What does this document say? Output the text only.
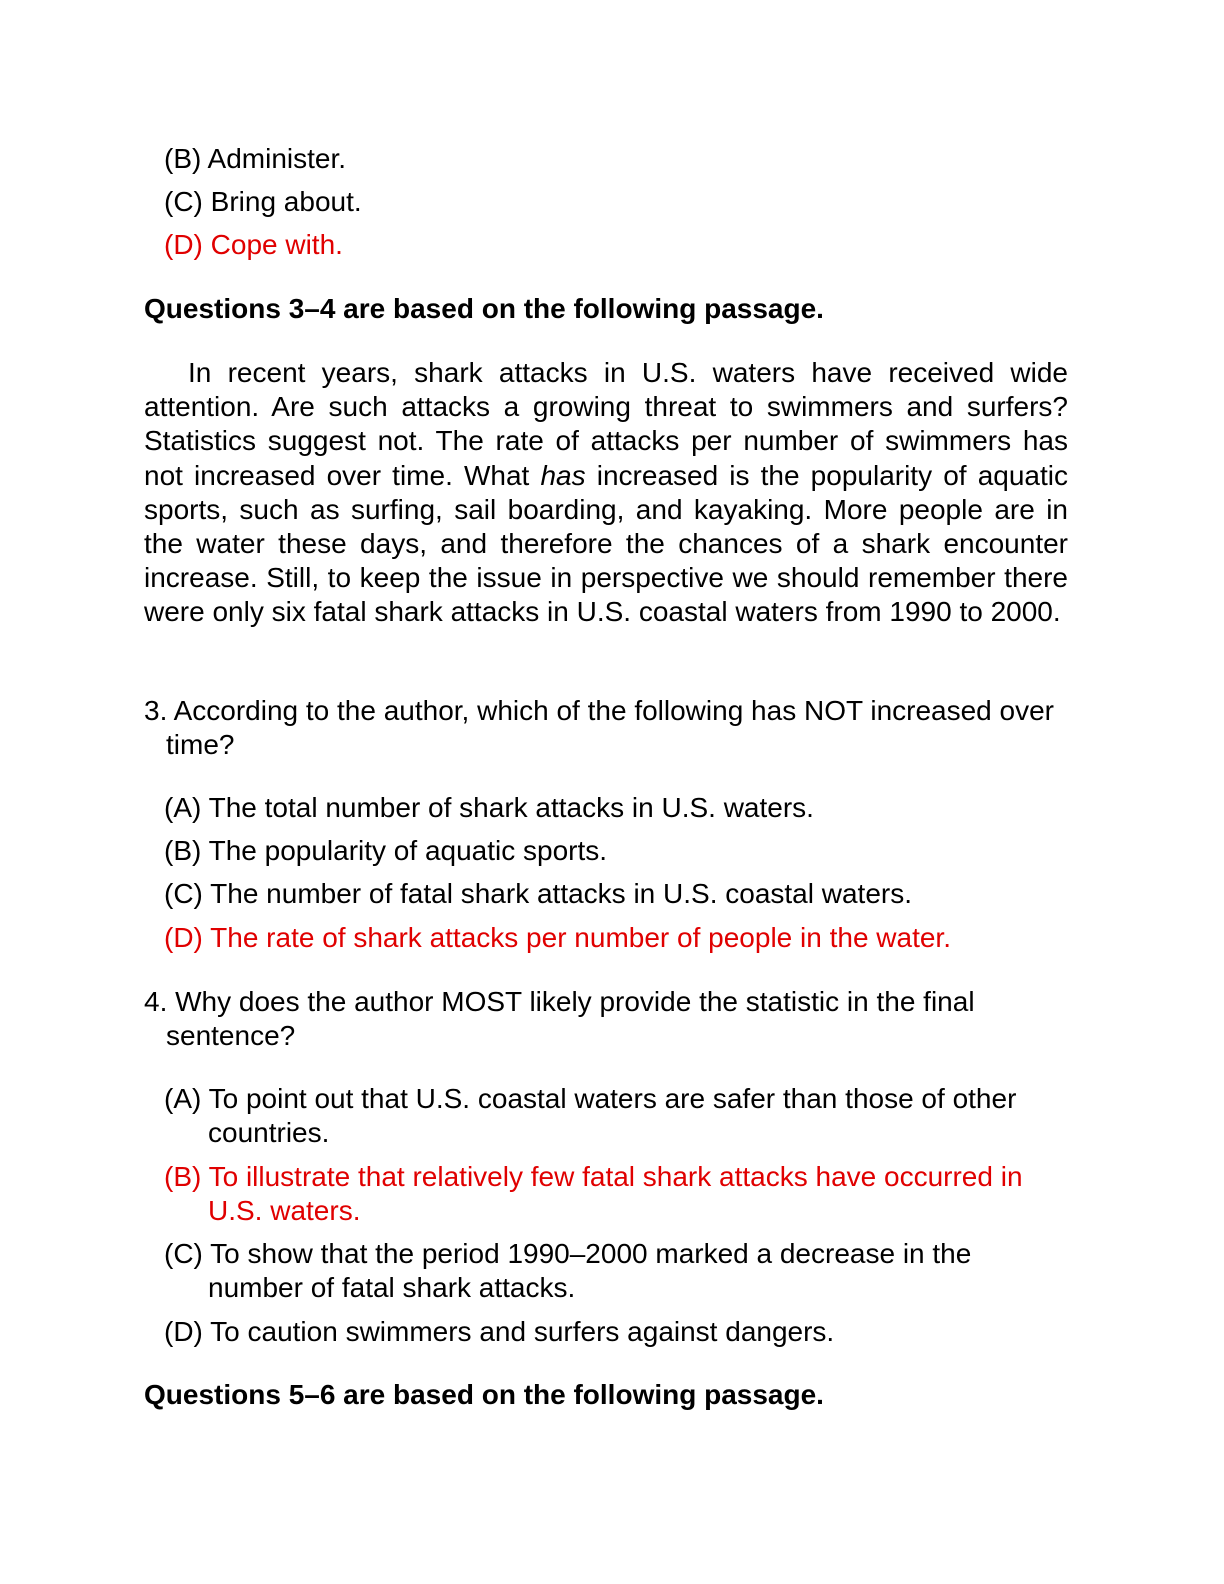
(B) Administer.
(C) Bring about.
(D) Cope with.
Questions 3–4 are based on the following passage.
In recent years, shark attacks in U.S. waters have received wide attention. Are such attacks a growing threat to swimmers and surfers? Statistics suggest not. The rate of attacks per number of swimmers has not increased over time. What has increased is the popularity of aquatic sports, such as surfing, sail boarding, and kayaking. More people are in the water these days, and therefore the chances of a shark encounter increase. Still, to keep the issue in perspective we should remember there were only six fatal shark attacks in U.S. coastal waters from 1990 to 2000.
3. According to the author, which of the following has NOT increased over time?
(A) The total number of shark attacks in U.S. waters.
(B) The popularity of aquatic sports.
(C) The number of fatal shark attacks in U.S. coastal waters.
(D) The rate of shark attacks per number of people in the water.
4. Why does the author MOST likely provide the statistic in the final sentence?
(A) To point out that U.S. coastal waters are safer than those of other countries.
(B) To illustrate that relatively few fatal shark attacks have occurred in U.S. waters.
(C) To show that the period 1990–2000 marked a decrease in the number of fatal shark attacks.
(D) To caution swimmers and surfers against dangers.
Questions 5–6 are based on the following passage.
